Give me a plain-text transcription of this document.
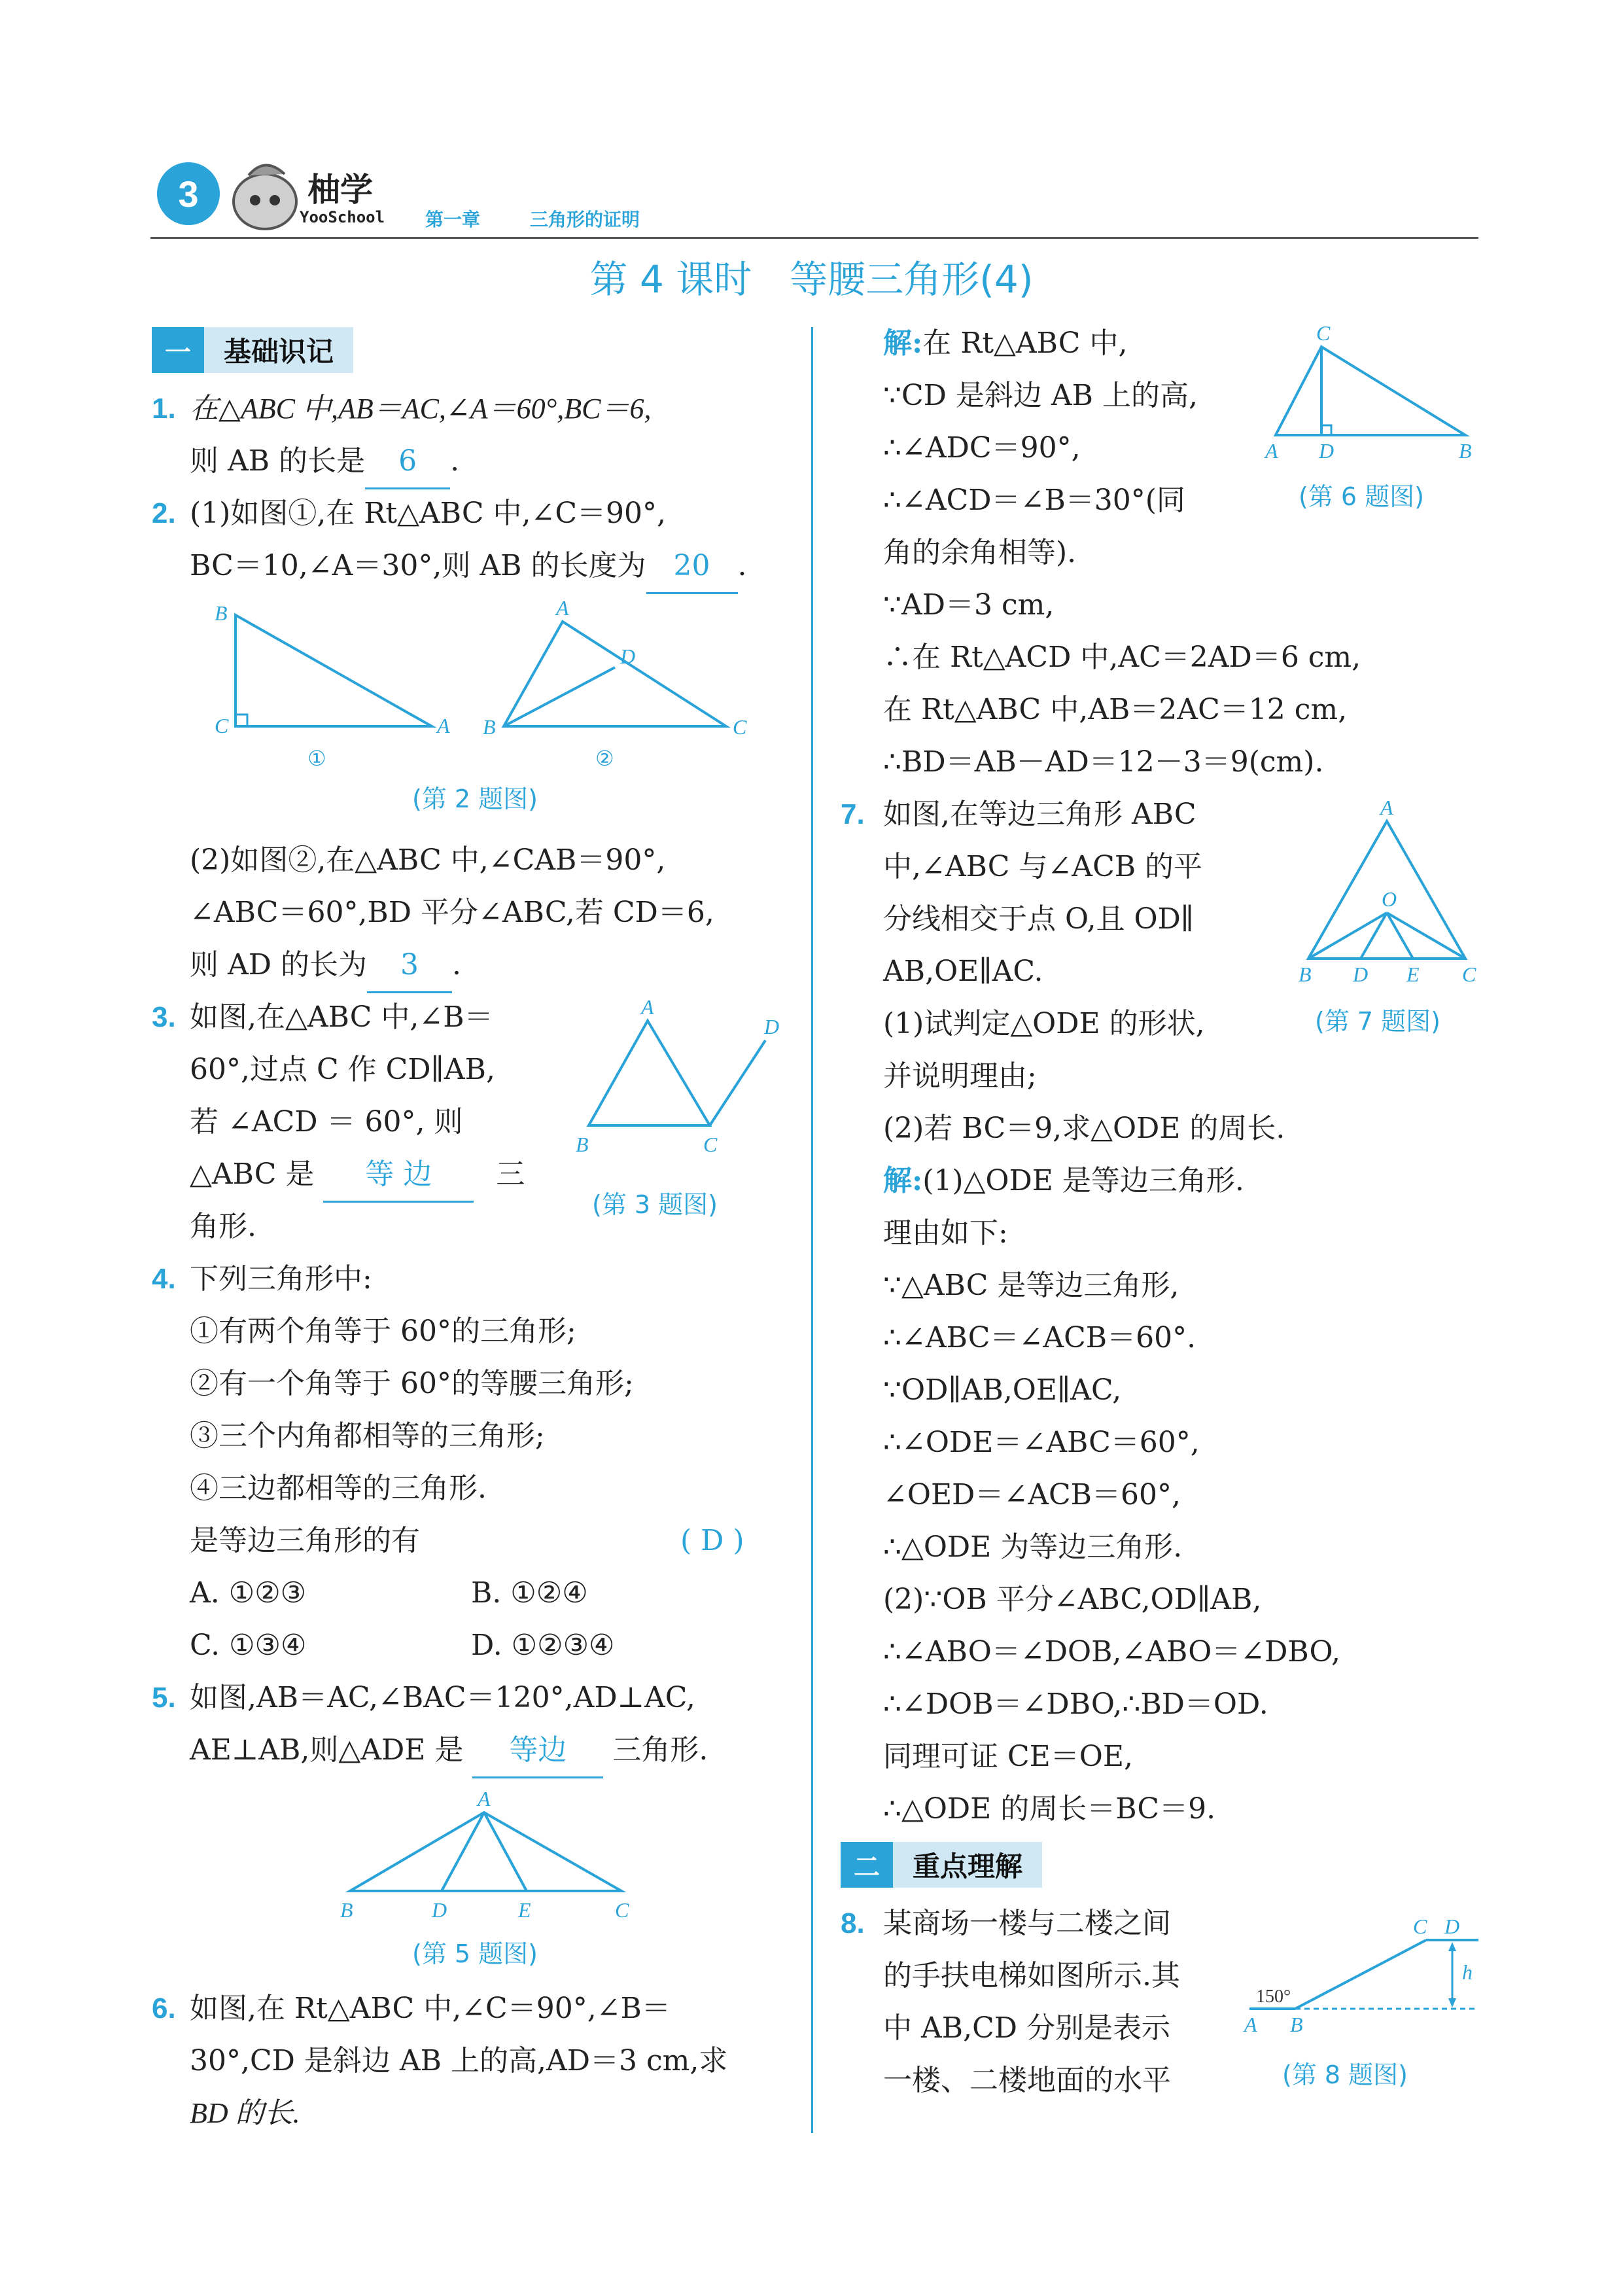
3	柚学
YooSchool 第一章	三角形的证明
第 4 课时　等腰三角形(4)
一	基础识记
1. 在△ABC 中,AB＝AC,∠A＝60°,BC＝6,
则 AB 的长是 6 .
2. (1)如图①,在 Rt△ABC 中,∠C＝90°,
BC＝10,∠A＝30°,则 AB 的长度为 20 .
B
C	A
①
A
D
B	C
②
(第 2 题图)
(2)如图②,在△ABC 中,∠CAB＝90°,
∠ABC＝60°,BD 平分∠ABC,若 CD＝6,
则 AD 的长为 3 .
3. 如图,在△ABC 中,∠B＝
60°,过点 C 作 CD∥AB,
若 ∠ACD ＝ 60°, 则
△ABC 是 等 边 三
角形.
A
D
B	C
(第 3 题图)
4. 下列三角形中:
①有两个角等于 60°的三角形;
②有一个角等于 60°的等腰三角形;
③三个内角都相等的三角形;
④三边都相等的三角形.
是等边三角形的有	( D )
A. ①②③	B. ①②④
C. ①③④	D. ①②③④
5. 如图,AB＝AC,∠BAC＝120°,AD⊥AC,
AE⊥AB,则△ADE 是 等边 三角形.
A
B	D	E	C
(第 5 题图)
6. 如图,在 Rt△ABC 中,∠C＝90°,∠B＝
30°,CD 是斜边 AB 上的高,AD＝3 cm,求
BD 的长.
解:在 Rt△ABC 中,
∵CD 是斜边 AB 上的高,
∴∠ADC＝90°,
∴∠ACD＝∠B＝30°(同
角的余角相等).
∵AD＝3 cm,
∴在 Rt△ACD 中,AC＝2AD＝6 cm,
在 Rt△ABC 中,AB＝2AC＝12 cm,
∴BD＝AB－AD＝12－3＝9(cm).
C
A D	B
(第 6 题图)
7. 如图,在等边三角形 ABC
中,∠ABC 与∠ACB 的平
分线相交于点 O,且 OD∥
AB,OE∥AC.
(1)试判定△ODE 的形状,
并说明理由;
(2)若 BC＝9,求△ODE 的周长.
A
O
B D E C
(第 7 题图)
解:(1)△ODE 是等边三角形.
理由如下:
∵△ABC 是等边三角形,
∴∠ABC＝∠ACB＝60°.
∵OD∥AB,OE∥AC,
∴∠ODE＝∠ABC＝60°,
∠OED＝∠ACB＝60°,
∴△ODE 为等边三角形.
(2)∵OB 平分∠ABC,OD∥AB,
∴∠ABO＝∠DOB,∠ABO＝∠DBO,
∴∠DOB＝∠DBO,∴BD＝OD.
同理可证 CE＝OE,
∴△ODE 的周长＝BC＝9.
二	重点理解
8. 某商场一楼与二楼之间
的手扶电梯如图所示.其
中 AB,CD 分别是表示
一楼、二楼地面的水平
C D
h
150°
A B
(第 8 题图)
